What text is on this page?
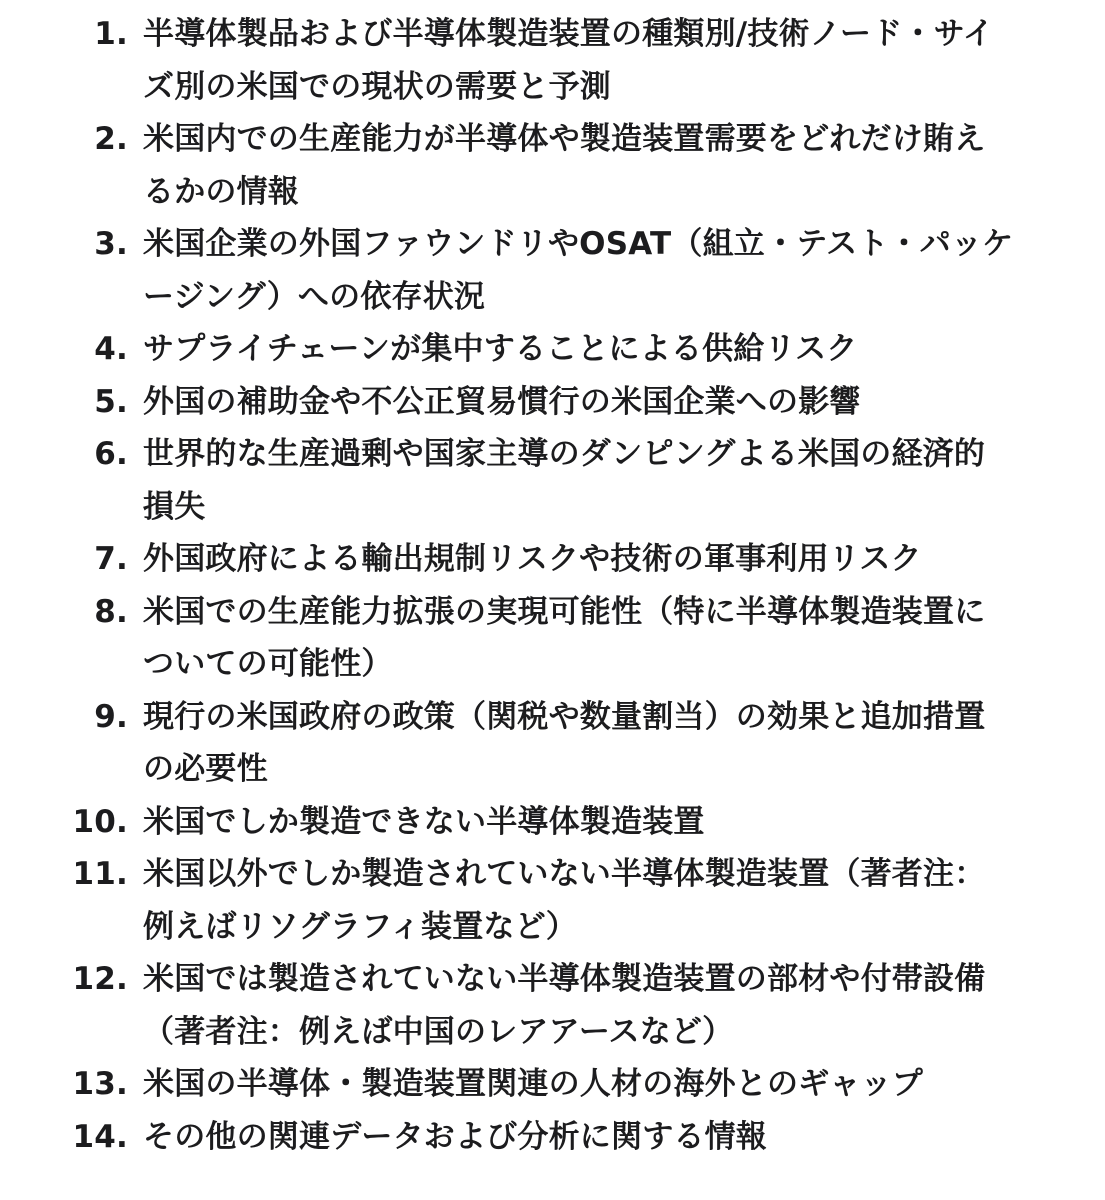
1. 半導体製品および半導体製造装置の種類別/技術ノード・サイズ別の米国での現状の需要と予測
2. 米国内での生産能力が半導体や製造装置需要をどれだけ賄えるかの情報
3. 米国企業の外国ファウンドリやOSAT（組立・テスト・パッケージング）への依存状況
4. サプライチェーンが集中することによる供給リスク
5. 外国の補助金や不公正貿易慣行の米国企業への影響
6. 世界的な生産過剰や国家主導のダンピングよる米国の経済的損失
7. 外国政府による輸出規制リスクや技術の軍事利用リスク
8. 米国での生産能力拡張の実現可能性（特に半導体製造装置についての可能性）
9. 現行の米国政府の政策（関税や数量割当）の効果と追加措置の必要性
10. 米国でしか製造できない半導体製造装置
11. 米国以外でしか製造されていない半導体製造装置（著者注：例えばリソグラフィ装置など）
12. 米国では製造されていない半導体製造装置の部材や付帯設備（著者注：例えば中国のレアアースなど）
13. 米国の半導体・製造装置関連の人材の海外とのギャップ
14. その他の関連データおよび分析に関する情報
